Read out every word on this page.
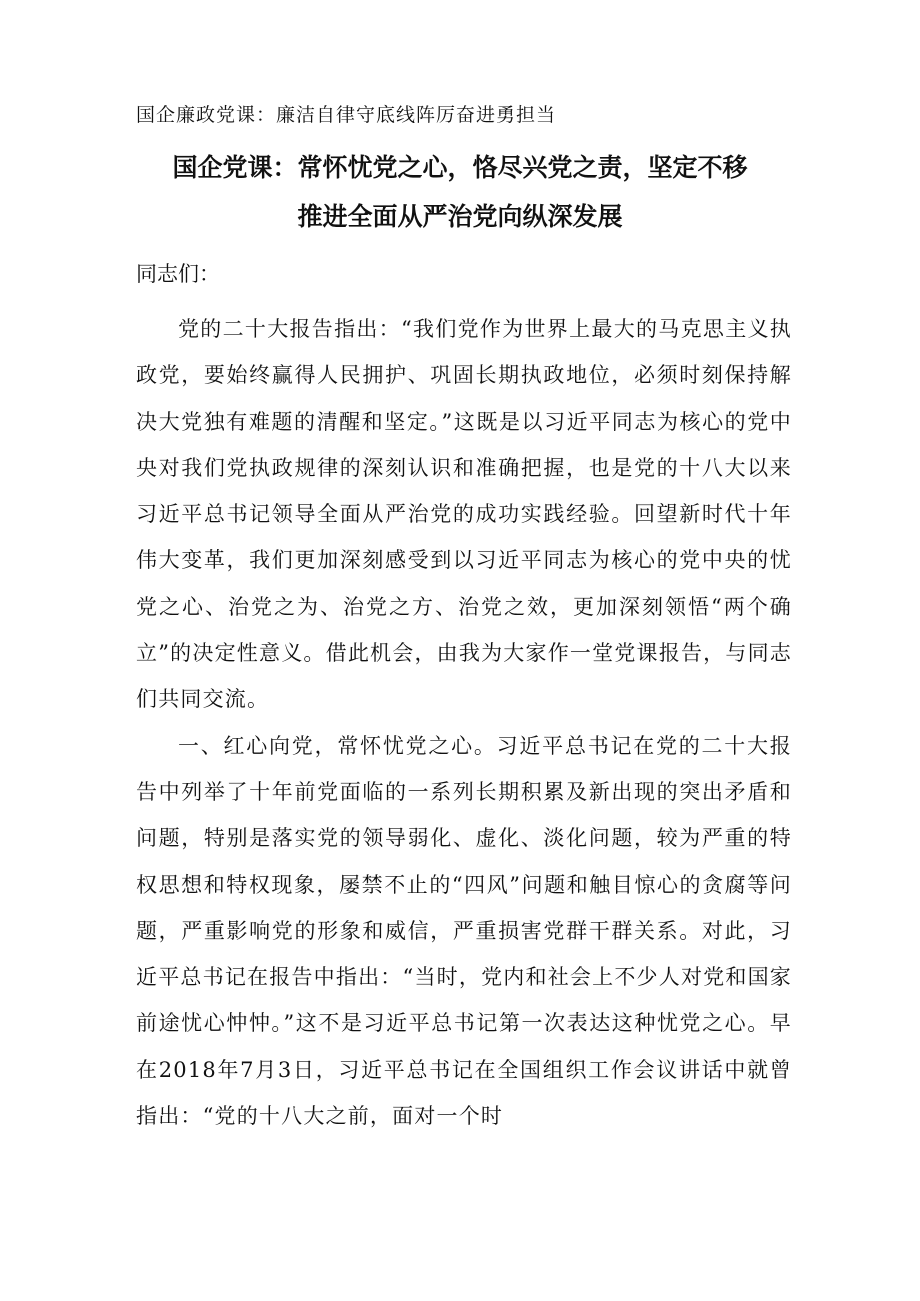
国企廉政党课：廉洁自律守底线阵厉奋进勇担当
国企党课：常怀忧党之心，恪尽兴党之责，坚定不移
推进全面从严治党向纵深发展
同志们：

党的二十大报告指出：“我们党作为世界上最大的马克思主义执政党，要始终赢得人民拥护、巩固长期执政地位，必须时刻保持解决大党独有难题的清醒和坚定。”这既是以习近平同志为核心的党中央对我们党执政规律的深刻认识和准确把握，也是党的十八大以来习近平总书记领导全面从严治党的成功实践经验。回望新时代十年伟大变革，我们更加深刻感受到以习近平同志为核心的党中央的忧党之心、治党之为、治党之方、治党之效，更加深刻领悟“两个确立”的决定性意义。借此机会，由我为大家作一堂党课报告，与同志们共同交流。

一、红心向党，常怀忧党之心。习近平总书记在党的二十大报告中列举了十年前党面临的一系列长期积累及新出现的突出矛盾和问题，特别是落实党的领导弱化、虚化、淡化问题，较为严重的特权思想和特权现象，屡禁不止的“四风”问题和触目惊心的贪腐等问题，严重影响党的形象和威信，严重损害党群干群关系。对此，习近平总书记在报告中指出：“当时，党内和社会上不少人对党和国家前途忧心忡忡。”这不是习近平总书记第一次表达这种忧党之心。早在2018年7月3日，习近平总书记在全国组织工作会议讲话中就曾指出：“党的十八大之前，面对一个时
